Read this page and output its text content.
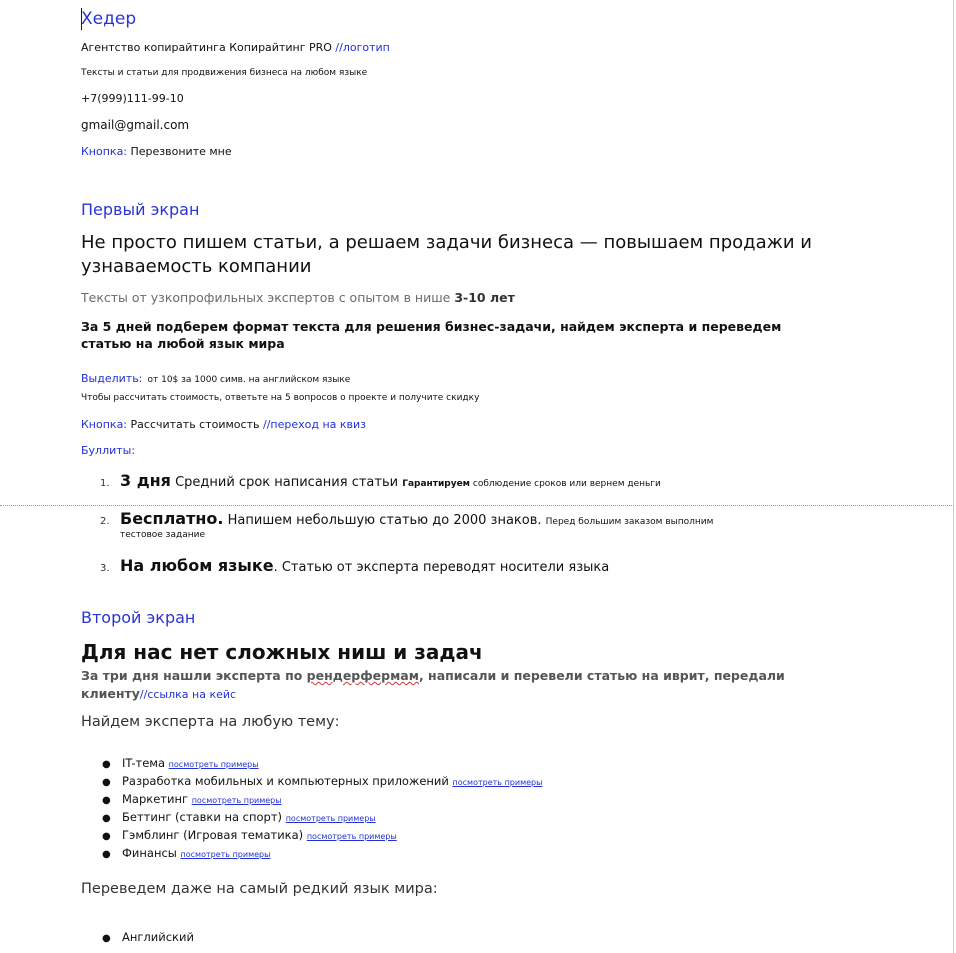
Хедер
Агентство копирайтинга Копирайтинг PRO //логотип
Тексты и статьи для продвижения бизнеса на любом языке
+7(999)111-99-10
gmail@gmail.com
Кнопка: Перезвоните мне
Первый экран
Не просто пишем статьи, а решаем задачи бизнеса — повышаем продажи и
узнаваемость компании
Тексты от узкопрофильных экспертов с опытом в нише 3-10 лет
За 5 дней подберем формат текста для решения бизнес-задачи, найдем эксперта и переведем
статью на любой язык мира
Выделить: от 10$ за 1000 симв. на английском языке
Чтобы рассчитать стоимость, ответьте на 5 вопросов о проекте и получите скидку
Кнопка: Рассчитать стоимость //переход на квиз
Буллиты:
1. 3 дня Средний срок написания статьи Гарантируем соблюдение сроков или вернем деньги
2. Бесплатно. Напишем небольшую статью до 2000 знаков. Перед большим заказом выполним
тестовое задание
3. На любом языке. Статью от эксперта переводят носители языка
Второй экран
Для нас нет сложных ниш и задач
За три дня нашли эксперта по рендерфермам, написали и перевели статью на иврит, передали
клиенту//ссылка на кейс
Найдем эксперта на любую тему:
● IT-тема посмотреть примеры
● Разработка мобильных и компьютерных приложений посмотреть примеры
● Маркетинг посмотреть примеры
● Беттинг (ставки на спорт) посмотреть примеры
● Гэмблинг (Игровая тематика) посмотреть примеры
● Финансы посмотреть примеры
Переведем даже на самый редкий язык мира:
● Английский
